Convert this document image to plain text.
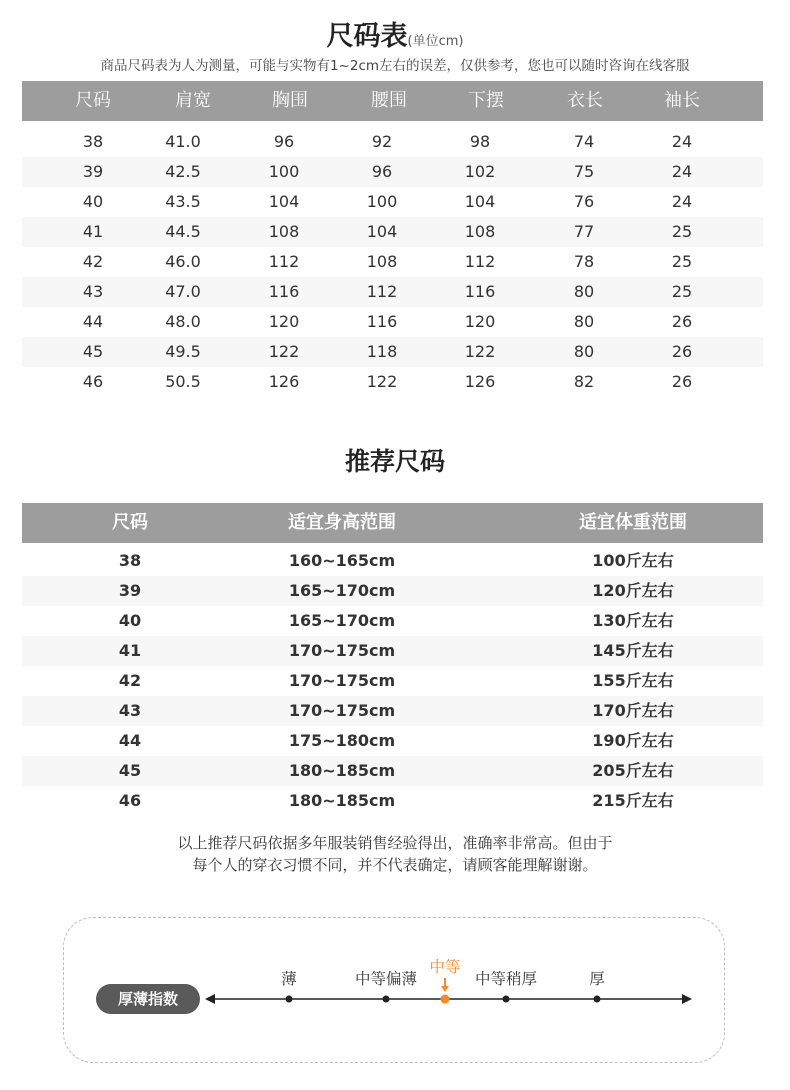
尺码表(单位cm)
商品尺码表为人为测量，可能与实物有1~2cm左右的误差，仅供参考，您也可以随时咨询在线客服
尺码	肩宽	胸围	腰围	下摆	衣长	袖长
38	41.0	96	92	98	74	24
39	42.5	100	96	102	75	24
40	43.5	104	100	104	76	24
41	44.5	108	104	108	77	25
42	46.0	112	108	112	78	25
43	47.0	116	112	116	80	25
44	48.0	120	116	120	80	26
45	49.5	122	118	122	80	26
46	50.5	126	122	126	82	26
推荐尺码
尺码	适宜身高范围	适宜体重范围
38	160~165cm	100斤左右
39	165~170cm	120斤左右
40	165~170cm	130斤左右
41	170~175cm	145斤左右
42	170~175cm	155斤左右
43	170~175cm	170斤左右
44	175~180cm	190斤左右
45	180~185cm	205斤左右
46	180~185cm	215斤左右
以上推荐尺码依据多年服装销售经验得出，准确率非常高。但由于
每个人的穿衣习惯不同，并不代表确定，请顾客能理解谢谢。
厚薄指数
薄	中等偏薄
中等
中等稍厚	厚
